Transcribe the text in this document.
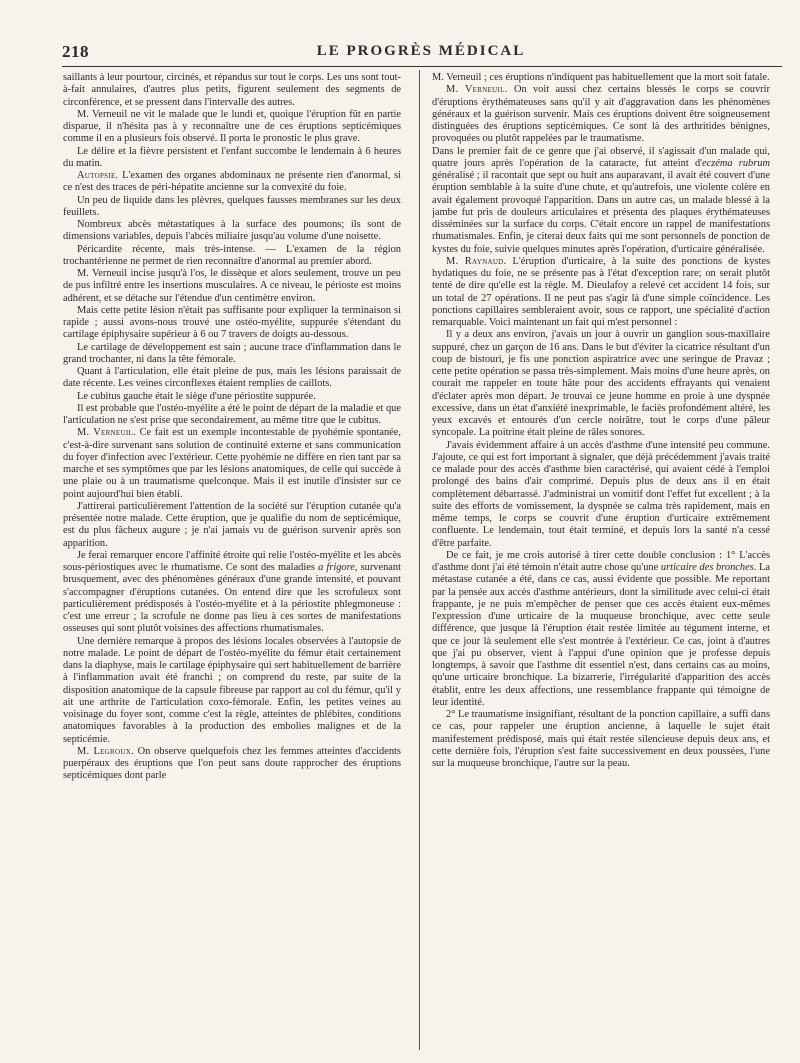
218	LE PROGRÈS MÉDICAL

saillants à leur pourtour, circinés, et répandus sur tout le corps. Les uns sont tout-à-fait annulaires, d'autres plus petits, figurent seulement des segments de circonférence, et se pressent dans l'intervalle des autres.

M. Verneuil ne vit le malade que le lundi et, quoique l'éruption fût en partie disparue, il n'hésita pas à y reconnaître une de ces éruptions septicémiques comme il en a plusieurs fois observé. Il porta le pronostic le plus grave.

Le délire et la fièvre persistent et l'enfant succombe le lendemain à 6 heures du matin.

Autopsie. L'examen des organes abdominaux ne présente rien d'anormal, si ce n'est des traces de péri-hépatite ancienne sur la convexité du foie.

Un peu de liquide dans les plèvres, quelques fausses membranes sur les deux feuillets.

Nombreux abcès métastatiques à la surface des poumons; ils sont de dimensions variables, depuis l'abcès miliaire jusqu'au volume d'une noisette.

Péricardite récente, mais très-intense. — L'examen de la région trochantérienne ne permet de rien reconnaître d'anormal au premier abord.

M. Verneuil incise jusqu'à l'os, le dissèque et alors seulement, trouve un peu de pus infiltré entre les insertions musculaires. A ce niveau, le périoste est moins adhérent, et se détache sur l'étendue d'un centimètre environ.

Mais cette petite lésion n'était pas suffisante pour expliquer la terminaison si rapide ; aussi avons-nous trouvé une ostéo-myélite, suppurée s'étendant du cartilage épiphysaire supérieur à 6 ou 7 travers de doigts au-dessous.

Le cartilage de développement est sain ; aucune trace d'inflammation dans le grand trochanter, ni dans la tête fémorale.

Quant à l'articulation, elle était pleine de pus, mais les lésions paraissait de date récente. Les veines circonflexes étaient remplies de caillots.

Le cubitus gauche était le siège d'une périostite suppurée.

Il est probable que l'ostéo-myélite a été le point de départ de la maladie et que l'articulation ne s'est prise que secondairement, au même titre que le cubitus.

M. Verneuil. Ce fait est un exemple incontestable de pyohémie spontanée, c'est-à-dire survenant sans solution de continuité externe et sans communication du foyer d'infection avec l'extérieur. Cette pyohémie ne diffère en rien tant par sa marche et ses symptômes que par les lésions anatomiques, de celle qui succède à une plaie ou à un traumatisme quelconque. Mais il est inutile d'insister sur ce point aujourd'hui bien établi.

J'attirerai particulièrement l'attention de la société sur l'éruption cutanée qu'a présentée notre malade. Cette éruption, que je qualifie du nom de septicémique, est du plus fâcheux augure ; je n'ai jamais vu de guérison survenir après son apparition.

Je ferai remarquer encore l'affinité étroite qui relie l'ostéo-myélite et les abcès sous-périostiques avec le rhumatisme. Ce sont des maladies a frigore, survenant brusquement, avec des phénomènes généraux d'une grande intensité, et pouvant s'accompagner d'éruptions cutanées. On entend dire que les scrofuleux sont particulièrement prédisposés à l'ostéo-myélite et à la périostite phlegmoneuse : c'est une erreur ; la scrofule ne donne pas lieu à ces sortes de manifestations osseuses qui sont plutôt voisines des affections rhumatismales.

Une dernière remarque à propos des lésions locales observées à l'autopsie de notre malade. Le point de départ de l'ostéo-myélite du fémur était certainement dans la diaphyse, mais le cartilage épiphysaire qui sert habituellement de barrière à l'inflammation avait été franchi ; on comprend du reste, par suite de la disposition anatomique de la capsule fibreuse par rapport au col du fémur, qu'il y ait une arthrite de l'articulation coxo-fémorale. Enfin, les petites veines au voisinage du foyer sont, comme c'est la règle, atteintes de phlébites, conditions anatomiques favorables à la production des embolies malignes et de la septicémie.

M. Legroux. On observe quelquefois chez les femmes atteintes d'accidents puerpéraux des éruptions que l'on peut sans doute rapprocher des éruptions septicémiques dont parle

M. Verneuil ; ces éruptions n'indiquent pas habituellement que la mort soit fatale.

M. Verneuil. On voit aussi chez certains blessés le corps se couvrir d'éruptions érythémateuses sans qu'il y ait d'aggravation dans les phénomènes généraux et la guérison survenir. Mais ces éruptions doivent être soigneusement distinguées des éruptions septicémiques. Ce sont là des arthritides bénignes, provoquées ou plutôt rappelées par le traumatisme.

Dans le premier fait de ce genre que j'ai observé, il s'agissait d'un malade qui, quatre jours après l'opération de la cataracte, fut atteint d'eczéma rubrum généralisé ; il racontait que sept ou huit ans auparavant, il avait été couvert d'une éruption semblable à la suite d'une chute, et qu'autrefois, une violente colère en avait également provoqué l'apparition. Dans un autre cas, un malade blessé à la jambe fut pris de douleurs articulaires et présenta des plaques érythémateuses disséminées sur la surface du corps. C'était encore un rappel de manifestations rhumatismales. Enfin, je citerai deux faits qui me sont personnels de ponction de kystes du foie, suivie quelques minutes après l'opération, d'urticaire généralisée.

M. Raynaud. L'éruption d'urticaire, à la suite des ponctions de kystes hydatiques du foie, ne se présente pas à l'état d'exception rare; on serait plutôt tenté de dire qu'elle est la règle. M. Dieulafoy a relevé cet accident 14 fois, sur un total de 27 opérations. Il ne peut pas s'agir là d'une simple coïncidence. Les ponctions capillaires sembleraient avoir, sous ce rapport, une spécialité d'action remarquable. Voici maintenant un fait qui m'est personnel :

Il y a deux ans environ, j'avais un jour à ouvrir un ganglion sous-maxillaire suppuré, chez un garçon de 16 ans. Dans le but d'éviter la cicatrice résultant d'un coup de bistouri, je fis une ponction aspiratrice avec une seringue de Pravaz ; cette petite opération se passa très-simplement. Mais moins d'une heure après, on courait me rappeler en toute hâte pour des accidents effrayants qui venaient d'éclater après mon départ. Je trouvai ce jeune homme en proie à une dyspnée excessive, dans un état d'anxiété inexprimable, le faciès profondément altéré, les yeux excavés et entourés d'un cercle noirâtre, tout le corps d'une pâleur syncopale. La poitrine était pleine de râles sonores.

J'avais évidemment affaire à un accès d'asthme d'une intensité peu commune. J'ajoute, ce qui est fort important à signaler, que déjà précédemment j'avais traité ce malade pour des accès d'asthme bien caractérisé, qui avaient cédé à l'emploi prolongé des bains d'air comprimé. Depuis plus de deux ans il en était complètement débarrassé. J'administrai un vomitif dont l'effet fut excellent ; à la suite des efforts de vomissement, la dyspnée se calma très rapidement, mais en même temps, le corps se couvrit d'une éruption d'urticaire extrêmement confluente. Le lendemain, tout était terminé, et depuis lors la santé n'a cessé d'être parfaite.

De ce fait, je me crois autorisé à tirer cette double conclusion : 1° L'accès d'asthme dont j'ai été témoin n'était autre chose qu'une urticaire des bronches. La métastase cutanée a été, dans ce cas, aussi évidente que possible. Me reportant par la pensée aux accès d'asthme antérieurs, dont la similitude avec celui-ci était frappante, je ne puis m'empêcher de penser que ces accès étaient eux-mêmes l'expression d'une urticaire de la muqueuse bronchique, avec cette seule différence, que jusque là l'éruption était restée limitée au tégument interne, et que ce jour là seulement elle s'est montrée à l'extérieur. Ce cas, joint à d'autres que j'ai pu observer, vient à l'appui d'une opinion que je professe depuis longtemps, à savoir que l'asthme dit essentiel n'est, dans certains cas au moins, qu'une urticaire bronchique. La bizarrerie, l'irrégularité d'apparition des accès établit, entre les deux affections, une ressemblance frappante qui témoigne de leur identité.

2° Le traumatisme insignifiant, résultant de la ponction capillaire, a suffi dans ce cas, pour rappeler une éruption ancienne, à laquelle le sujet était manifestement prédisposé, mais qui était restée silencieuse depuis deux ans, et cette dernière fois, l'éruption s'est faite successivement en deux poussées, l'une sur la muqueuse bronchique, l'autre sur la peau.
